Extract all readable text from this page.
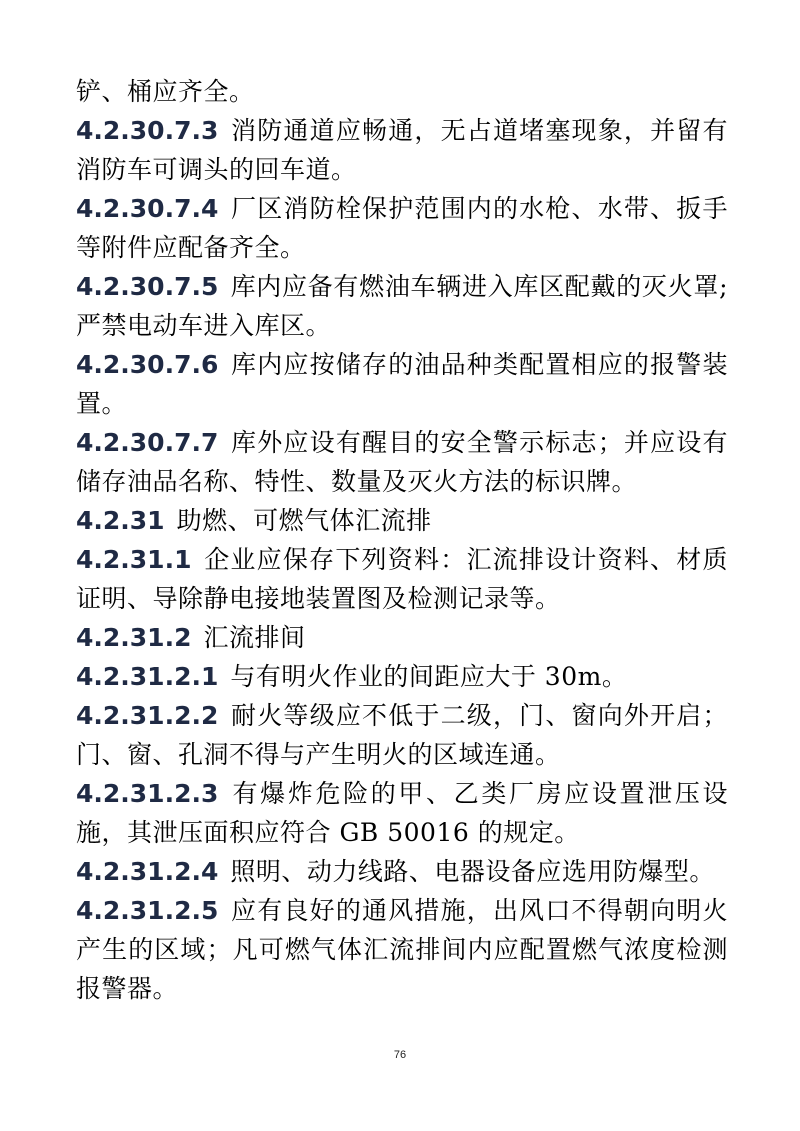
铲、桶应齐全。

4.2.30.7.3 消防通道应畅通，无占道堵塞现象，并留有消防车可调头的回车道。

4.2.30.7.4 厂区消防栓保护范围内的水枪、水带、扳手等附件应配备齐全。

4.2.30.7.5 库内应备有燃油车辆进入库区配戴的灭火罩;严禁电动车进入库区。

4.2.30.7.6 库内应按储存的油品种类配置相应的报警装置。

4.2.30.7.7 库外应设有醒目的安全警示标志；并应设有储存油品名称、特性、数量及灭火方法的标识牌。

4.2.31 助燃、可燃气体汇流排

4.2.31.1 企业应保存下列资料：汇流排设计资料、材质证明、导除静电接地装置图及检测记录等。

4.2.31.2 汇流排间

4.2.31.2.1 与有明火作业的间距应大于 30m。

4.2.31.2.2 耐火等级应不低于二级，门、窗向外开启；门、窗、孔洞不得与产生明火的区域连通。

4.2.31.2.3 有爆炸危险的甲、乙类厂房应设置泄压设施，其泄压面积应符合 GB 50016 的规定。

4.2.31.2.4 照明、动力线路、电器设备应选用防爆型。

4.2.31.2.5 应有良好的通风措施，出风口不得朝向明火产生的区域；凡可燃气体汇流排间内应配置燃气浓度检测报警器。

76
